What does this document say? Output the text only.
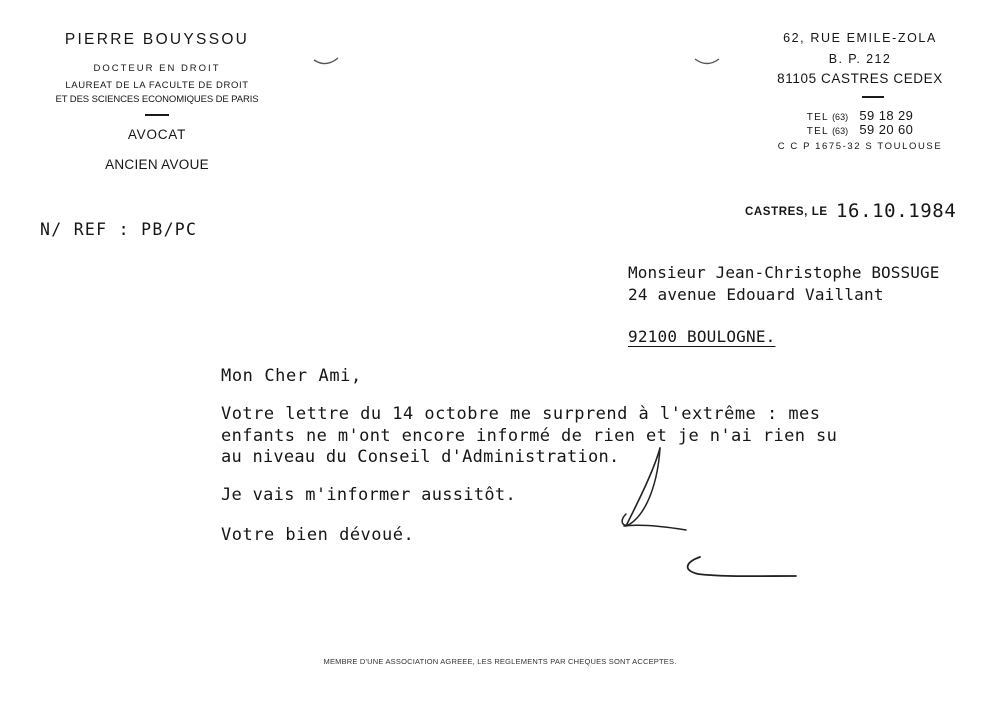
PIERRE BOUYSSOU
DOCTEUR EN DROIT
LAUREAT DE LA FACULTE DE DROIT
ET DES SCIENCES ECONOMIQUES DE PARIS
AVOCAT
ANCIEN AVOUE
62, RUE EMILE-ZOLA
B. P. 212
81105 CASTRES CEDEX
TEL (63) 59 18 29
TEL (63) 59 20 60
C C P 1675-32 S TOULOUSE
N/ REF : PB/PC
CASTRES, LE 16.10.1984
Monsieur Jean-Christophe BOSSUGE
24 avenue Edouard Vaillant
92100 BOULOGNE.
Mon Cher Ami,
Votre lettre du 14 octobre me surprend à l'extrême : mes
enfants ne m'ont encore informé de rien et je n'ai rien su
au niveau du Conseil d'Administration.
Je vais m'informer aussitôt.
Votre bien dévoué.
MEMBRE D'UNE ASSOCIATION AGREEE, LES REGLEMENTS PAR CHEQUES SONT ACCEPTES.
